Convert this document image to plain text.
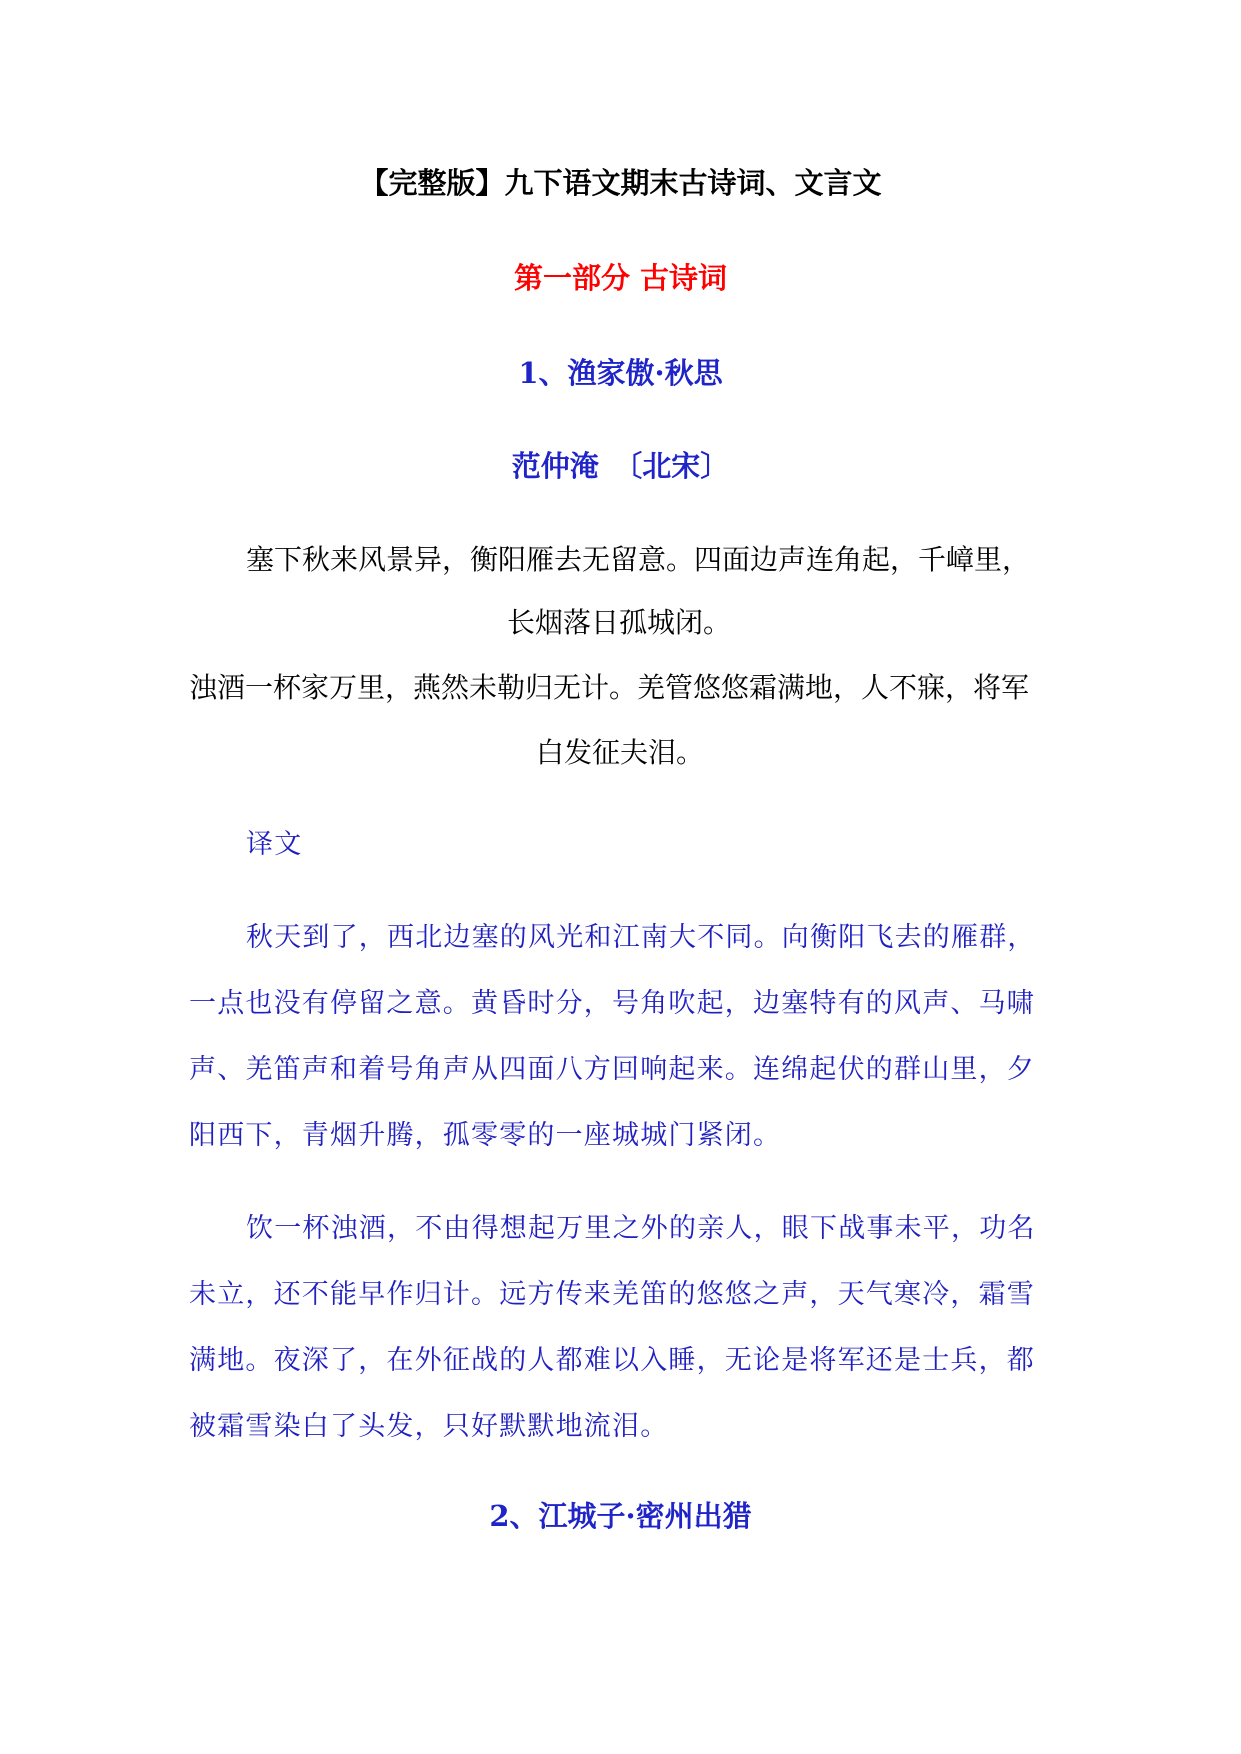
【完整版】九下语文期末古诗词、文言文
第一部分 古诗词
1、渔家傲·秋思
范仲淹　〔北宋〕
塞下秋来风景异，衡阳雁去无留意。四面边声连角起，千嶂里，
长烟落日孤城闭。
浊酒一杯家万里，燕然未勒归无计。羌管悠悠霜满地，人不寐，将军
白发征夫泪。
译文
秋天到了，西北边塞的风光和江南大不同。向衡阳飞去的雁群，
一点也没有停留之意。黄昏时分，号角吹起，边塞特有的风声、马啸
声、羌笛声和着号角声从四面八方回响起来。连绵起伏的群山里，夕
阳西下，青烟升腾，孤零零的一座城城门紧闭。
饮一杯浊酒，不由得想起万里之外的亲人，眼下战事未平，功名
未立，还不能早作归计。远方传来羌笛的悠悠之声，天气寒冷，霜雪
满地。夜深了，在外征战的人都难以入睡，无论是将军还是士兵，都
被霜雪染白了头发，只好默默地流泪。
2、江城子·密州出猎
